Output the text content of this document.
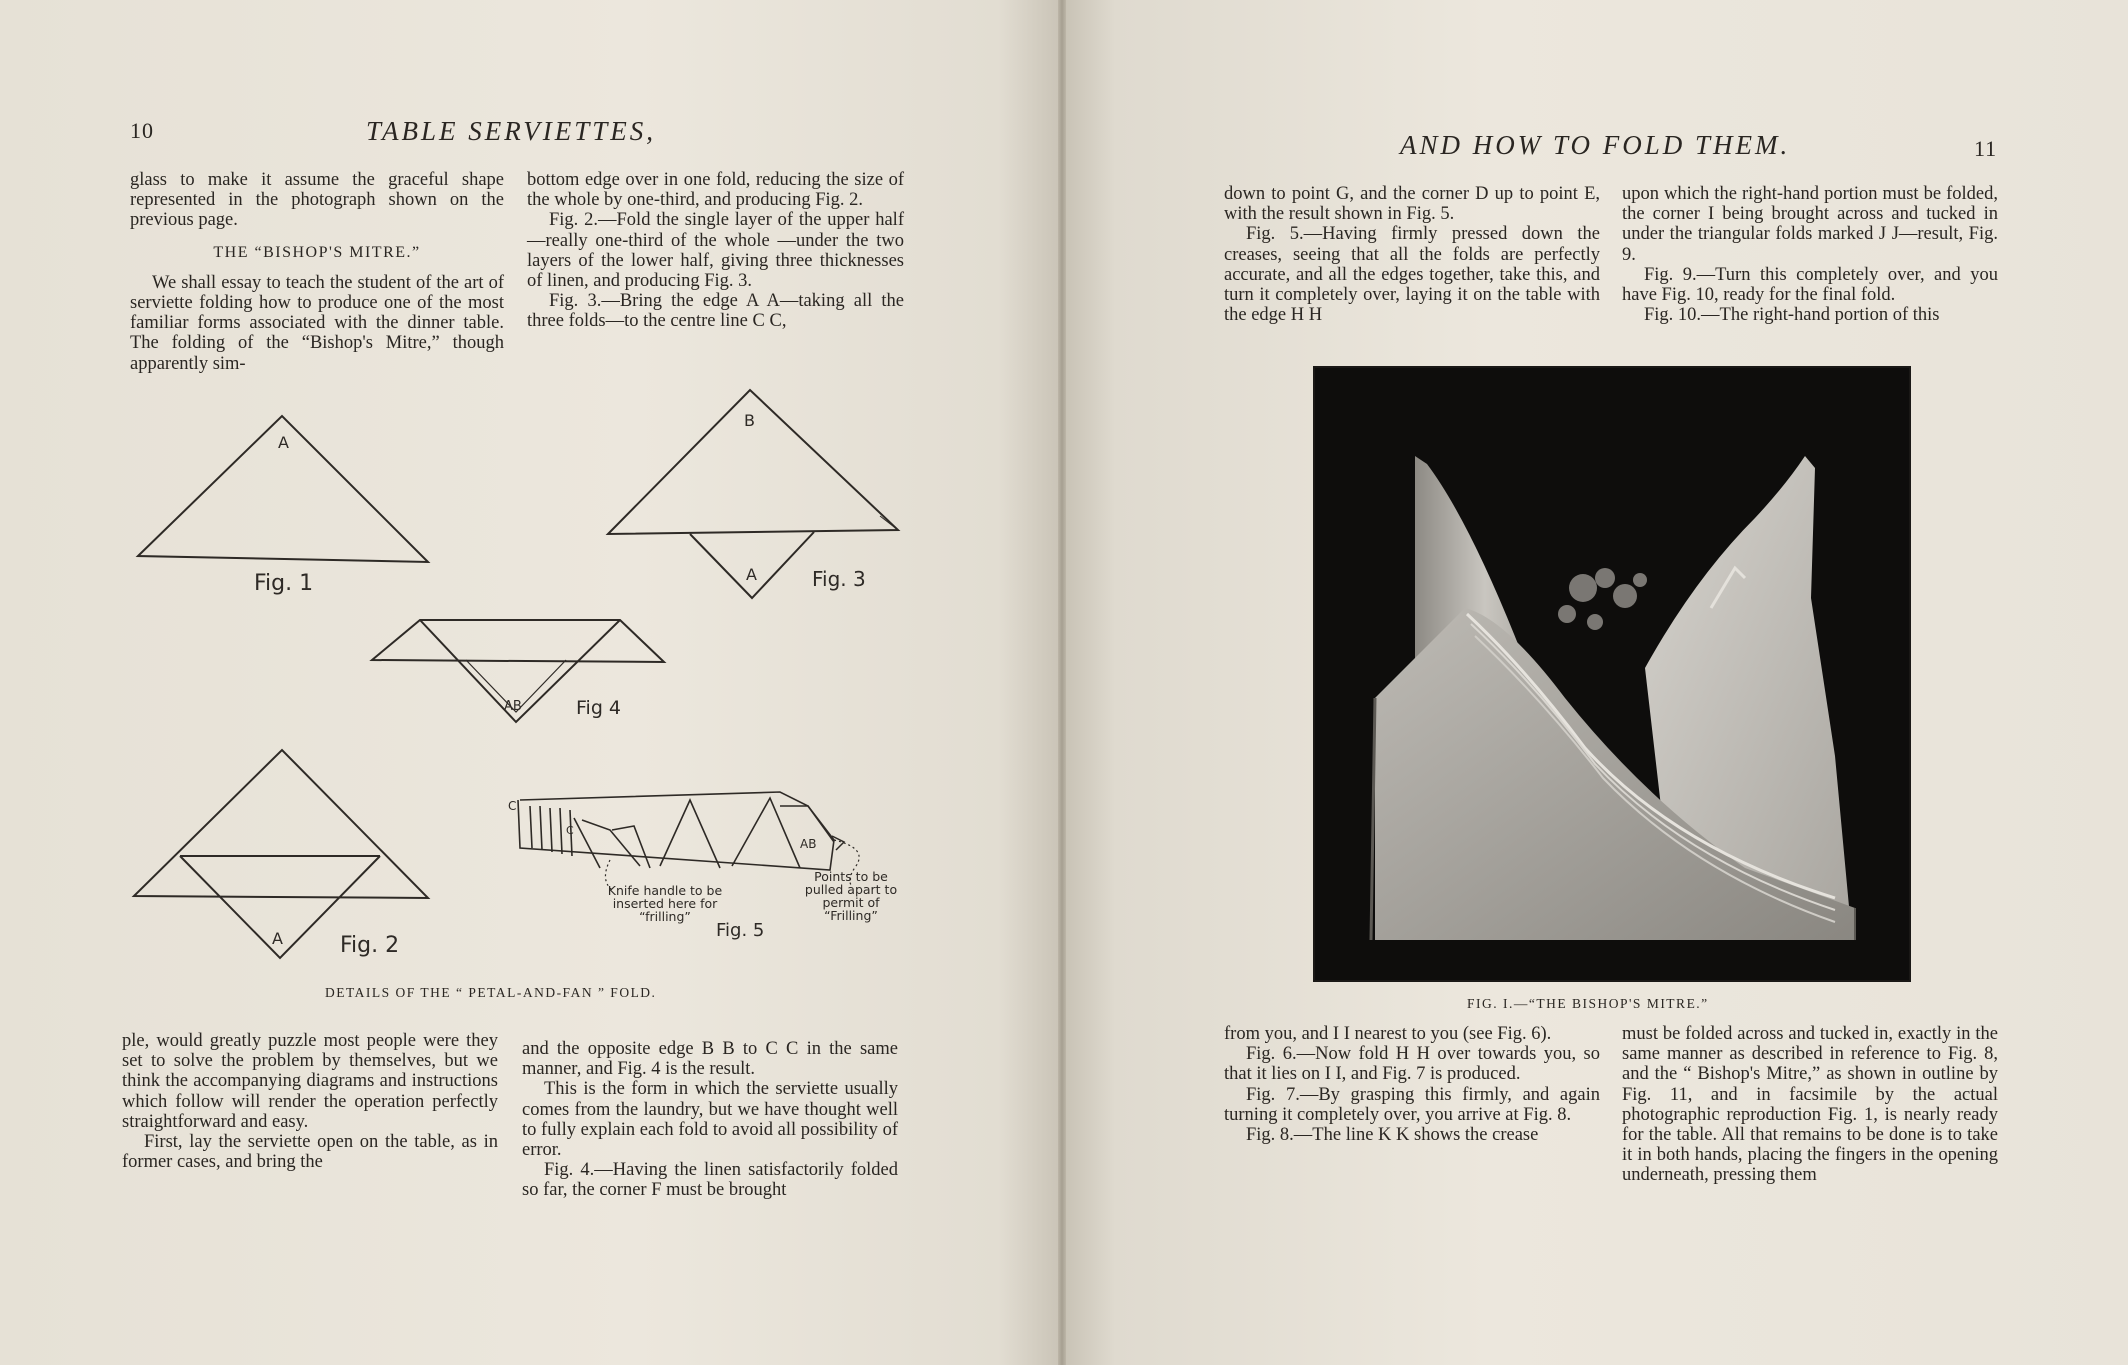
10	TABLE SERVIETTES,

glass to make it assume the graceful shape represented in the photograph shown on the previous page.

THE “BISHOP'S MITRE.”

We shall essay to teach the student of the art of serviette folding how to produce one of the most familiar forms associated with the dinner table. The folding of the “Bishop's Mitre,” though apparently sim-

bottom edge over in one fold, reducing the size of the whole by one-third, and producing Fig. 2.

Fig. 2.—Fold the single layer of the upper half—really one-third of the whole —under the two layers of the lower half, giving three thicknesses of linen, and producing Fig. 3.

Fig. 3.—Bring the edge A A—taking all the three folds—to the centre line C C,

A
Fig. 1
B
A	Fig. 3
AB	Fig 4
A	Fig. 2
C
C
AB
Fig. 5
Knife handle to be inserted here for “frilling”
Points to be pulled apart to permit of “Frilling”
DETAILS OF THE “ PETAL-AND-FAN ” FOLD.

ple, would greatly puzzle most people were they set to solve the problem by themselves, but we think the accompanying diagrams and instructions which follow will render the operation perfectly straightforward and easy.

First, lay the serviette open on the table, as in former cases, and bring the

and the opposite edge B B to C C in the same manner, and Fig. 4 is the result.

This is the form in which the serviette usually comes from the laundry, but we have thought well to fully explain each fold to avoid all possibility of error.

Fig. 4.—Having the linen satisfactorily folded so far, the corner F must be brought

AND HOW TO FOLD THEM.	11

down to point G, and the corner D up to point E, with the result shown in Fig. 5.

Fig. 5.—Having firmly pressed down the creases, seeing that all the folds are perfectly accurate, and all the edges together, take this, and turn it completely over, laying it on the table with the edge H H

upon which the right-hand portion must be folded, the corner I being brought across and tucked in under the triangular folds marked J J—result, Fig. 9.

Fig. 9.—Turn this completely over, and you have Fig. 10, ready for the final fold.

Fig. 10.—The right-hand portion of this

FIG. I.—“THE BISHOP'S MITRE.”

from you, and I I nearest to you (see Fig. 6).

Fig. 6.—Now fold H H over towards you, so that it lies on I I, and Fig. 7 is produced.

Fig. 7.—By grasping this firmly, and again turning it completely over, you arrive at Fig. 8.

Fig. 8.—The line K K shows the crease

must be folded across and tucked in, exactly in the same manner as described in reference to Fig. 8, and the “ Bishop's Mitre,” as shown in outline by Fig. 11, and in facsimile by the actual photographic reproduction Fig. 1, is nearly ready for the table. All that remains to be done is to take it in both hands, placing the fingers in the opening underneath, pressing them
